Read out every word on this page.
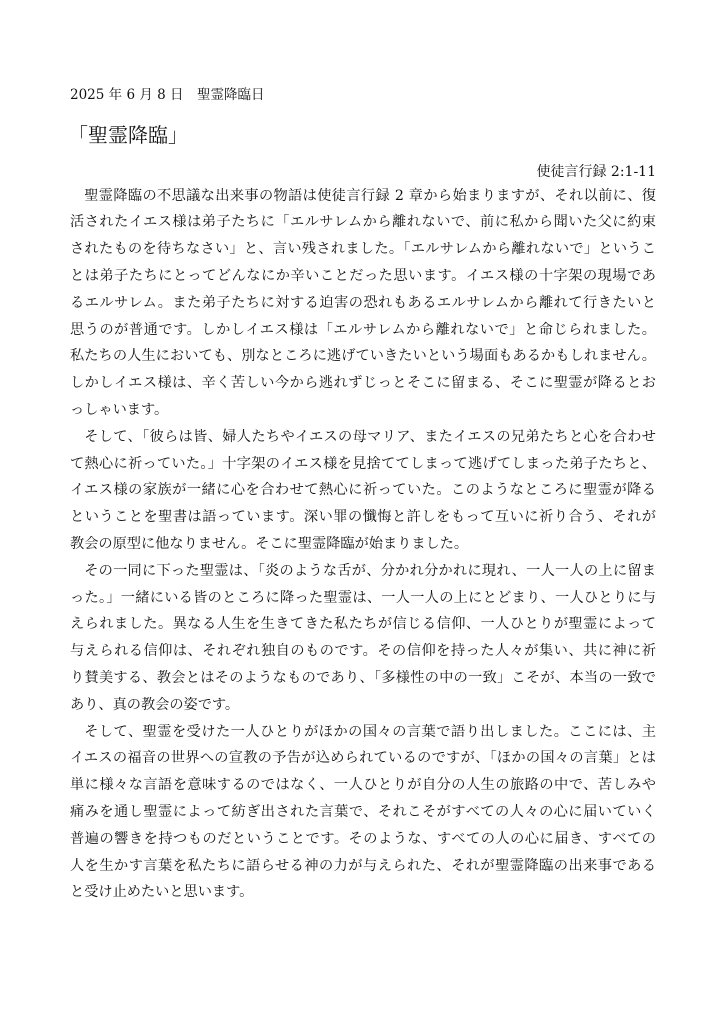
2025 年 6 月 8 日　聖霊降臨日
「聖霊降臨」
使徒言行録 2:1-11
聖霊降臨の不思議な出来事の物語は使徒言行録 2 章から始まりますが、それ以前に、復
活されたイエス様は弟子たちに「エルサレムから離れないで、前に私から聞いた父に約束
されたものを待ちなさい」と、言い残されました。「エルサレムから離れないで」というこ
とは弟子たちにとってどんなにか辛いことだった思います。イエス様の十字架の現場であ
るエルサレム。また弟子たちに対する迫害の恐れもあるエルサレムから離れて行きたいと
思うのが普通です。しかしイエス様は「エルサレムから離れないで」と命じられました。
私たちの人生においても、別なところに逃げていきたいという場面もあるかもしれません。
しかしイエス様は、辛く苦しい今から逃れずじっとそこに留まる、そこに聖霊が降るとお
っしゃいます。
そして、「彼らは皆、婦人たちやイエスの母マリア、またイエスの兄弟たちと心を合わせ
て熱心に祈っていた。」十字架のイエス様を見捨ててしまって逃げてしまった弟子たちと、
イエス様の家族が一緒に心を合わせて熱心に祈っていた。このようなところに聖霊が降る
ということを聖書は語っています。深い罪の懺悔と許しをもって互いに祈り合う、それが
教会の原型に他なりません。そこに聖霊降臨が始まりました。
その一同に下った聖霊は、「炎のような舌が、分かれ分かれに現れ、一人一人の上に留ま
った。」一緒にいる皆のところに降った聖霊は、一人一人の上にとどまり、一人ひとりに与
えられました。異なる人生を生きてきた私たちが信じる信仰、一人ひとりが聖霊によって
与えられる信仰は、それぞれ独自のものです。その信仰を持った人々が集い、共に神に祈
り賛美する、教会とはそのようなものであり、「多様性の中の一致」こそが、本当の一致で
あり、真の教会の姿です。
そして、聖霊を受けた一人ひとりがほかの国々の言葉で語り出しました。ここには、主
イエスの福音の世界への宣教の予告が込められているのですが、「ほかの国々の言葉」とは
単に様々な言語を意味するのではなく、一人ひとりが自分の人生の旅路の中で、苦しみや
痛みを通し聖霊によって紡ぎ出された言葉で、それこそがすべての人々の心に届いていく
普遍の響きを持つものだということです。そのような、すべての人の心に届き、すべての
人を生かす言葉を私たちに語らせる神の力が与えられた、それが聖霊降臨の出来事である
と受け止めたいと思います。
